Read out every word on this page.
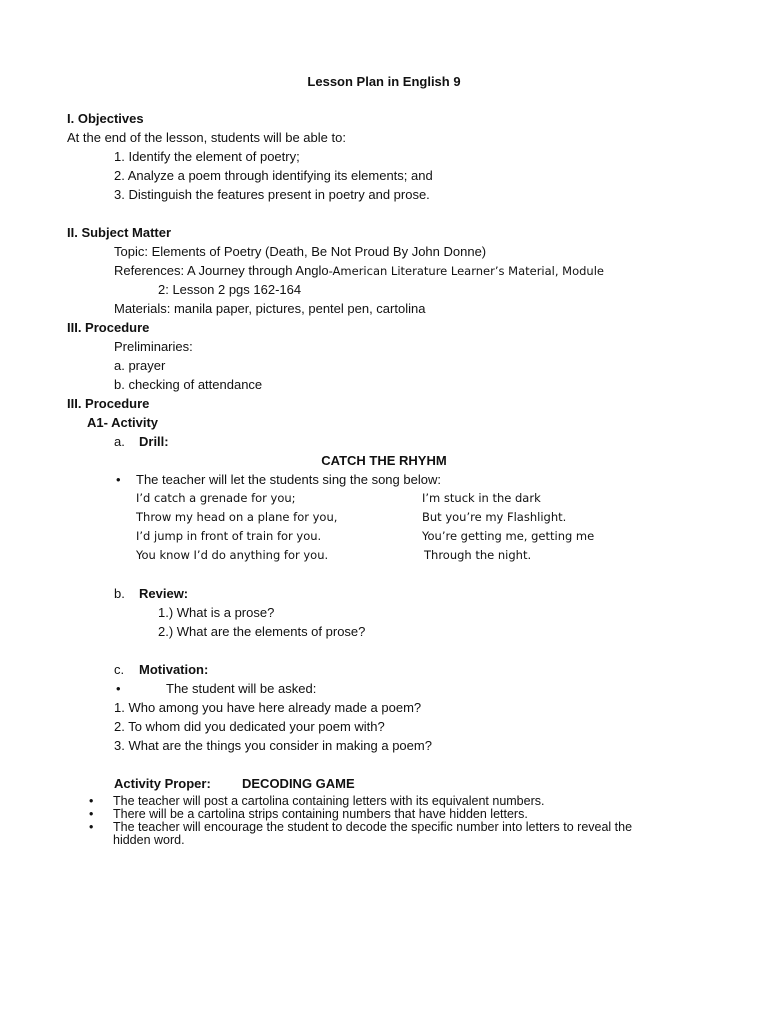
Lesson Plan in English 9
I. Objectives
At the end of the lesson, students will be able to:
1. Identify the element of poetry;
2. Analyze a poem through identifying its elements; and
3. Distinguish the features present in poetry and prose.
II. Subject Matter
Topic: Elements of Poetry (Death, Be Not Proud By John Donne)
References: A Journey through Anglo-American Literature Learner’s Material, Module
2: Lesson 2 pgs 162-164
Materials: manila paper, pictures, pentel pen, cartolina
III. Procedure
Preliminaries:
a. prayer
b. checking of attendance
III. Procedure
A1- Activity
a. Drill:
CATCH THE RHYHM
• The teacher will let the students sing the song below:
I’d catch a grenade for you;
Throw my head on a plane for you,
I’d jump in front of train for you.
You know I’d do anything for you.
I’m stuck in the dark
But you’re my Flashlight.
You’re getting me, getting me
Through the night.
b. Review:
1.) What is a prose?
2.) What are the elements of prose?
c. Motivation:
•	The student will be asked:
1. Who among you have here already made a poem?
2. To whom did you dedicated your poem with?
3. What are the things you consider in making a poem?
Activity Proper: DECODING GAME
• The teacher will post a cartolina containing letters with its equivalent numbers.
• There will be a cartolina strips containing numbers that have hidden letters.
• The teacher will encourage the student to decode the specific number into letters to reveal the
hidden word.
